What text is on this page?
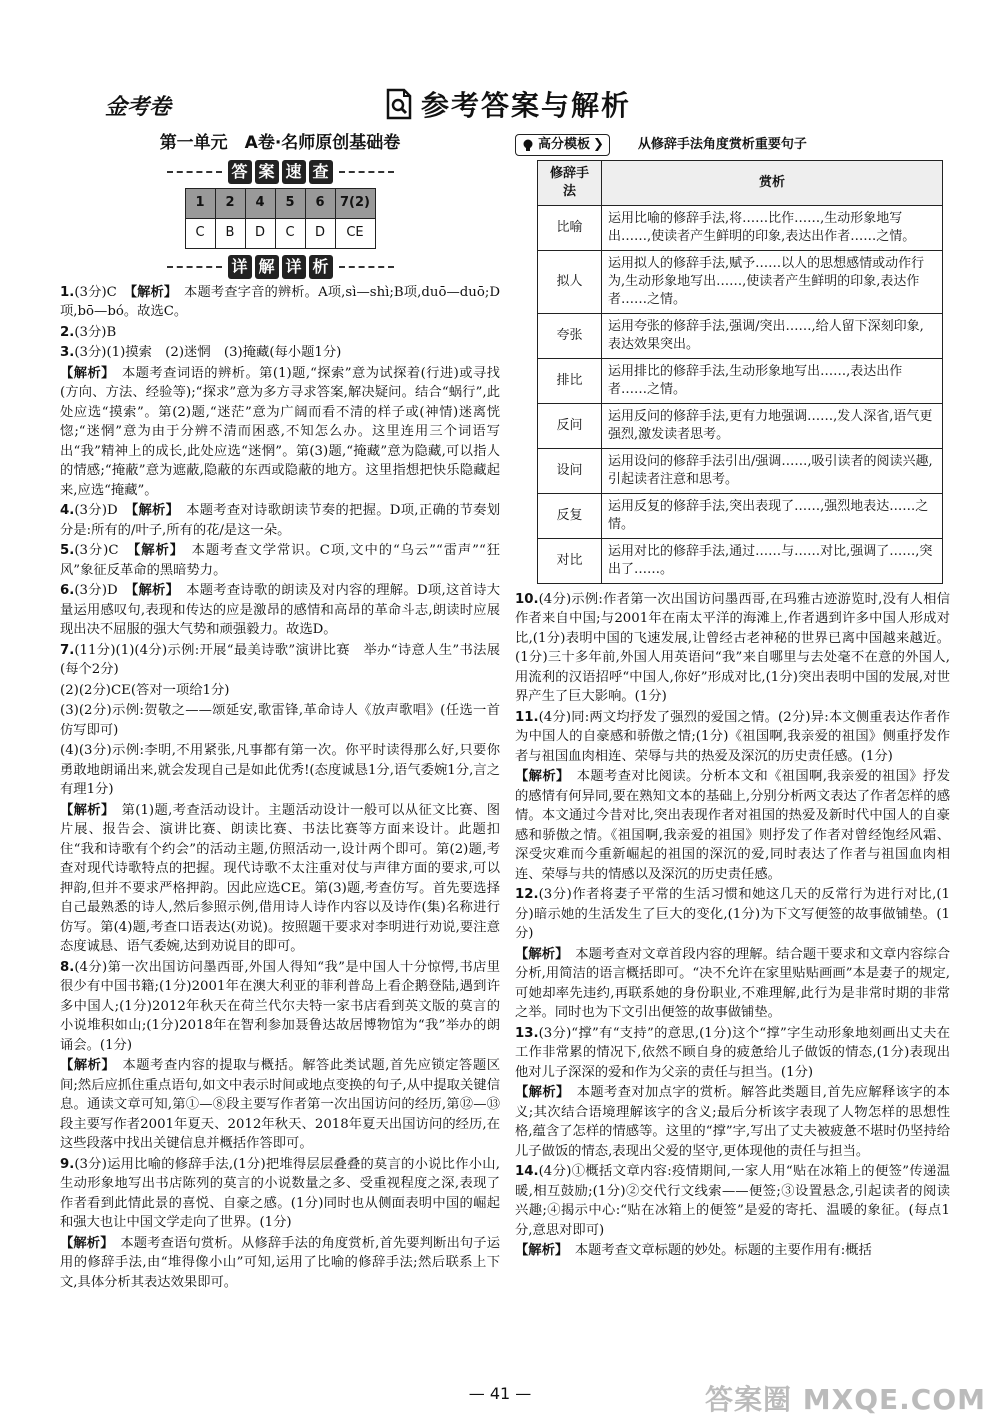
金考卷	参考答案与解析
第一单元　A卷·名师原创基础卷
答 案 速 查
1	2	4	5	6	7(2)
C	B	D	C	D	CE
详 解 详 析
1.(3分)C　【解析】　本题考查字音的辨析。A项,sì—shì;B项,duō—duō;D项,bō—bó。故选C。
2.(3分)B
3.(3分)(1)摸索　(2)迷惘　(3)掩藏(每小题1分)
【解析】　本题考查词语的辨析。第(1)题,“探索”意为试探着(行进)或寻找(方向、方法、经验等);“探求”意为多方寻求答案,解决疑问。结合“蜗行”,此处应选“摸索”。第(2)题,“迷茫”意为广阔而看不清的样子或(神情)迷离恍惚;“迷惘”意为由于分辨不清而困惑,不知怎么办。这里连用三个词语写出“我”精神上的成长,此处应选“迷惘”。第(3)题,“掩藏”意为隐藏,可以指人的情感;“掩蔽”意为遮蔽,隐蔽的东西或隐蔽的地方。这里指想把快乐隐藏起来,应选“掩藏”。
4.(3分)D　【解析】　本题考查对诗歌朗读节奏的把握。D项,正确的节奏划分是:所有的/叶子,所有的花/是这一朵。
5.(3分)C　【解析】　本题考查文学常识。C项,文中的“乌云”“雷声”“狂风”象征反革命的黑暗势力。
6.(3分)D　【解析】　本题考查诗歌的朗读及对内容的理解。D项,这首诗大量运用感叹句,表现和传达的应是激昂的感情和高昂的革命斗志,朗读时应展现出决不屈服的强大气势和顽强毅力。故选D。
7.(11分)(1)(4分)示例:开展“最美诗歌”演讲比赛　举办“诗意人生”书法展(每个2分)
(2)(2分)CE(答对一项给1分)
(3)(2分)示例:贺敬之——颂延安,歌雷锋,革命诗人《放声歌唱》(任选一首仿写即可)
(4)(3分)示例:李明,不用紧张,凡事都有第一次。你平时读得那么好,只要你勇敢地朗诵出来,就会发现自己是如此优秀!(态度诚恳1分,语气委婉1分,言之有理1分)
【解析】　第(1)题,考查活动设计。主题活动设计一般可以从征文比赛、图片展、报告会、演讲比赛、朗读比赛、书法比赛等方面来设计。此题扣住“我和诗歌有个约会”的活动主题,仿照活动一,设计两个即可。第(2)题,考查对现代诗歌特点的把握。现代诗歌不太注重对仗与声律方面的要求,可以押韵,但并不要求严格押韵。因此应选CE。第(3)题,考查仿写。首先要选择自己最熟悉的诗人,然后参照示例,借用诗人诗作内容以及诗作(集)名称进行仿写。第(4)题,考查口语表达(劝说)。按照题干要求对李明进行劝说,要注意态度诚恳、语气委婉,达到劝说目的即可。
8.(4分)第一次出国访问墨西哥,外国人得知“我”是中国人十分惊愕,书店里很少有中国书籍;(1分)2001年在澳大利亚的菲利普岛上看企鹅登陆,遇到许多中国人;(1分)2012年秋天在荷兰代尔夫特一家书店看到英文版的莫言的小说堆积如山;(1分)2018年在智利参加聂鲁达故居博物馆为“我”举办的朗诵会。(1分)
【解析】　本题考查内容的提取与概括。解答此类试题,首先应锁定答题区间;然后应抓住重点语句,如文中表示时间或地点变换的句子,从中提取关键信息。通读文章可知,第①—⑧段主要写作者第一次出国访问的经历,第⑫—⑬段主要写作者2001年夏天、2012年秋天、2018年夏天出国访问的经历,在这些段落中找出关键信息并概括作答即可。
9.(3分)运用比喻的修辞手法,(1分)把堆得层层叠叠的莫言的小说比作小山,生动形象地写出书店陈列的莫言的小说数量之多、受重视程度之深,表现了作者看到此情此景的喜悦、自豪之感。(1分)同时也从侧面表明中国的崛起和强大也让中国文学走向了世界。(1分)
【解析】　本题考查语句赏析。从修辞手法的角度赏析,首先要判断出句子运用的修辞手法,由“堆得像小山”可知,运用了比喻的修辞手法;然后联系上下文,具体分析其表达效果即可。
高分模板 ❯	从修辞手法角度赏析重要句子
修辞手法	赏析
比喻	运用比喻的修辞手法,将……比作……,生动形象地写出……,使读者产生鲜明的印象,表达出作者……之情。
拟人	运用拟人的修辞手法,赋予……以人的思想感情或动作行为,生动形象地写出……,使读者产生鲜明的印象,表达作者……之情。
夸张	运用夸张的修辞手法,强调/突出……,给人留下深刻印象,表达效果突出。
排比	运用排比的修辞手法,生动形象地写出……,表达出作者……之情。
反问	运用反问的修辞手法,更有力地强调……,发人深省,语气更强烈,激发读者思考。
设问	运用设问的修辞手法引出/强调……,吸引读者的阅读兴趣,引起读者注意和思考。
反复	运用反复的修辞手法,突出表现了……,强烈地表达……之情。
对比	运用对比的修辞手法,通过……与……对比,强调了……,突出了……。
10.(4分)示例:作者第一次出国访问墨西哥,在玛雅古迹游览时,没有人相信作者来自中国;与2001年在南太平洋的海滩上,作者遇到许多中国人形成对比,(1分)表明中国的飞速发展,让曾经古老神秘的世界已离中国越来越近。(1分)三十多年前,外国人用英语问“我”来自哪里与去处毫不在意的外国人,用流利的汉语招呼“中国人,你好”形成对比,(1分)突出表明中国的发展,对世界产生了巨大影响。(1分)
11.(4分)同:两文均抒发了强烈的爱国之情。(2分)异:本文侧重表达作者作为中国人的自豪感和骄傲之情;(1分)《祖国啊,我亲爱的祖国》侧重抒发作者与祖国血肉相连、荣辱与共的热爱及深沉的历史责任感。(1分)
【解析】　本题考查对比阅读。分析本文和《祖国啊,我亲爱的祖国》抒发的感情有何异同,要在熟知文本的基础上,分别分析两文表达了作者怎样的感情。本文通过今昔对比,突出表现作者对祖国的热爱及新时代中国人的自豪感和骄傲之情。《祖国啊,我亲爱的祖国》则抒发了作者对曾经饱经风霜、深受灾难而今重新崛起的祖国的深沉的爱,同时表达了作者与祖国血肉相连、荣辱与共的情感以及深沉的历史责任感。
12.(3分)作者将妻子平常的生活习惯和她这几天的反常行为进行对比,(1分)暗示她的生活发生了巨大的变化,(1分)为下文写便签的故事做铺垫。(1分)
【解析】　本题考查对文章首段内容的理解。结合题干要求和文章内容综合分析,用简洁的语言概括即可。“决不允许在家里贴贴画画”本是妻子的规定,可她却率先违约,再联系她的身份职业,不难理解,此行为是非常时期的非常之举。同时也为下文引出便签的故事做铺垫。
13.(3分)“撑”有“支持”的意思,(1分)这个“撑”字生动形象地刻画出丈夫在工作非常累的情况下,依然不顾自身的疲惫给儿子做饭的情态,(1分)表现出他对儿子深深的爱和作为父亲的责任与担当。(1分)
【解析】　本题考查对加点字的赏析。解答此类题目,首先应解释该字的本义;其次结合语境理解该字的含义;最后分析该字表现了人物怎样的思想性格,蕴含了怎样的情感等。这里的“撑”字,写出了丈夫被疲惫不堪时仍坚持给儿子做饭的情态,表现出父爱的坚守,更体现他的责任与担当。
14.(4分)①概括文章内容:疫情期间,一家人用“贴在冰箱上的便签”传递温暖,相互鼓励;(1分)②交代行文线索——便签;③设置悬念,引起读者的阅读兴趣;④揭示中心:“贴在冰箱上的便签”是爱的寄托、温暖的象征。(每点1分,意思对即可)
【解析】　本题考查文章标题的妙处。标题的主要作用有:概括
— 41 —	答案圈 MXQE.COM
